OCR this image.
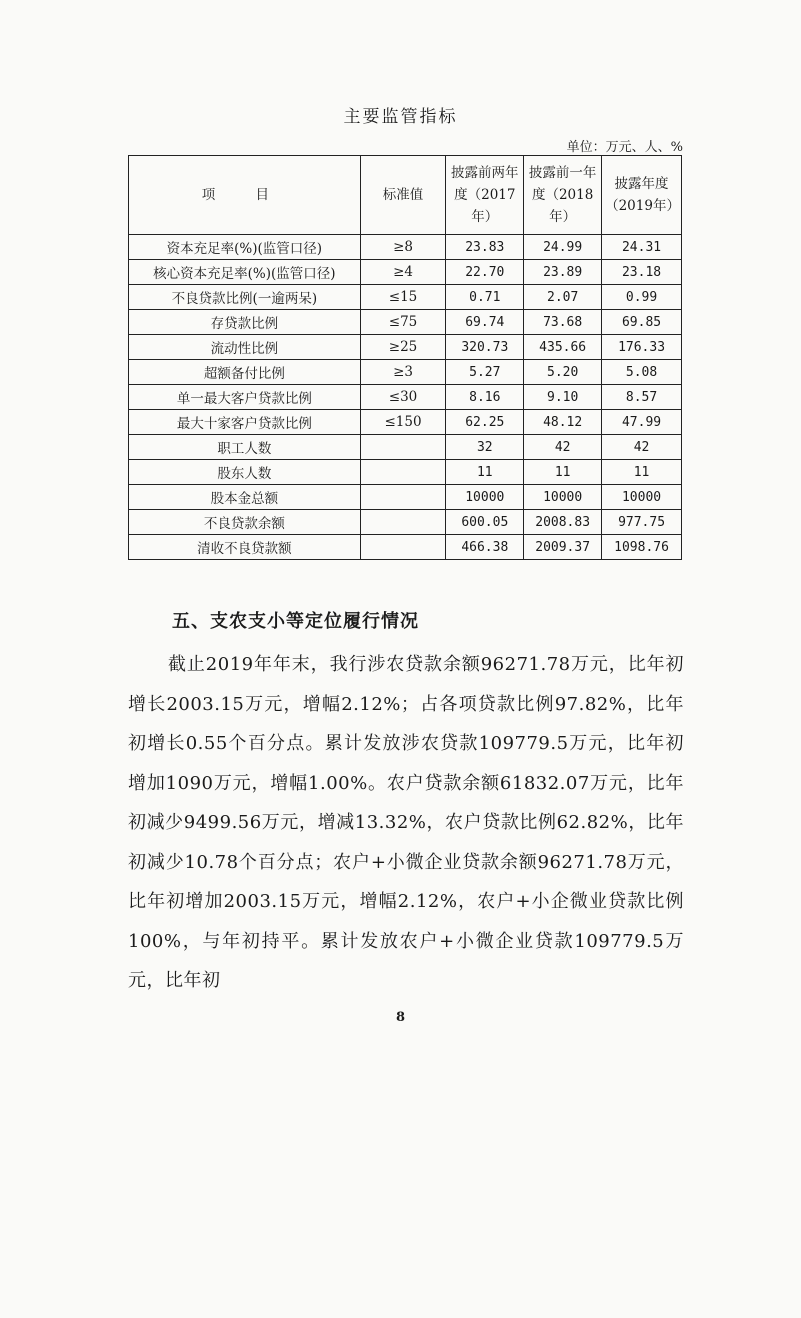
主要监管指标
单位：万元、人、%
项 目	标准值	披露前两年度（2017年）	披露前一年度（2018年）	披露年度（2019年）
资本充足率(%)(监管口径)	≥8	23.83	24.99	24.31
核心资本充足率(%)(监管口径)	≥4	22.70	23.89	23.18
不良贷款比例(一逾两呆)	≤15	0.71	2.07	0.99
存贷款比例	≤75	69.74	73.68	69.85
流动性比例	≥25	320.73	435.66	176.33
超额备付比例	≥3	5.27	5.20	5.08
单一最大客户贷款比例	≤30	8.16	9.10	8.57
最大十家客户贷款比例	≤150	62.25	48.12	47.99
职工人数		32	42	42
股东人数		11	11	11
股本金总额		10000	10000	10000
不良贷款余额		600.05	2008.83	977.75
清收不良贷款额		466.38	2009.37	1098.76
五、支农支小等定位履行情况

截止2019年年末，我行涉农贷款余额96271.78万元，比年初增长2003.15万元，增幅2.12%；占各项贷款比例97.82%，比年初增长0.55个百分点。累计发放涉农贷款109779.5万元，比年初增加1090万元，增幅1.00%。农户贷款余额61832.07万元，比年初减少9499.56万元，增减13.32%，农户贷款比例62.82%，比年初减少10.78个百分点；农户+小微企业贷款余额96271.78万元，比年初增加2003.15万元，增幅2.12%，农户+小企微业贷款比例100%，与年初持平。累计发放农户+小微企业贷款109779.5万元，比年初

8
